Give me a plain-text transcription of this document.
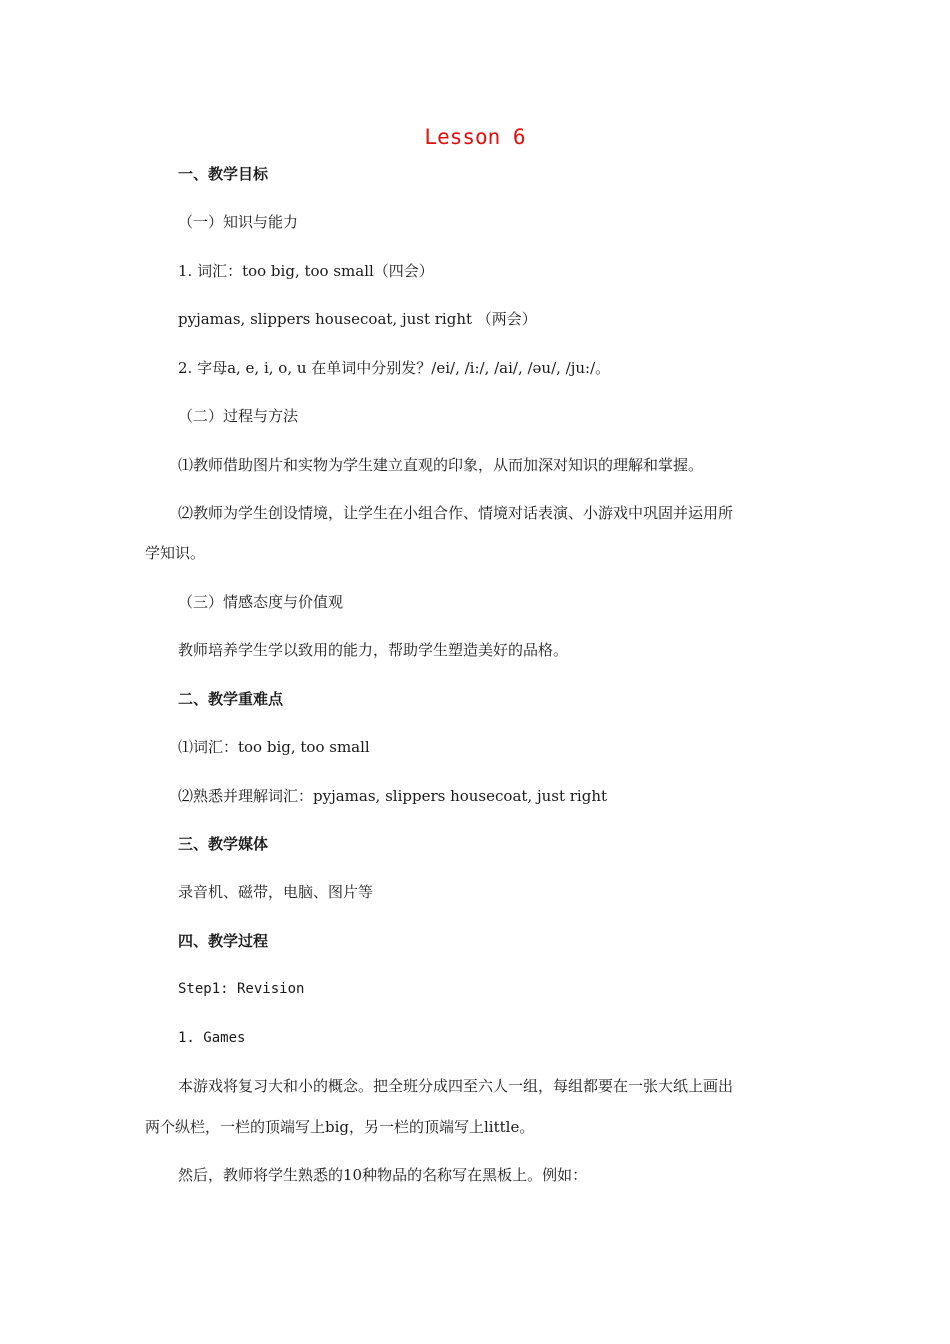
Lesson 6
一、教学目标
（一）知识与能力
1. 词汇：too big, too small（四会）
pyjamas, slippers housecoat, just right （两会）
2. 字母a, e, i, o, u 在单词中分别发？/ei/, /i:/, /ai/, /əu/, /ju:/。
（二）过程与方法
⑴教师借助图片和实物为学生建立直观的印象，从而加深对知识的理解和掌握。
⑵教师为学生创设情境，让学生在小组合作、情境对话表演、小游戏中巩固并运用所
学知识。
（三）情感态度与价值观
教师培养学生学以致用的能力，帮助学生塑造美好的品格。
二、教学重难点
⑴词汇：too big, too small
⑵熟悉并理解词汇：pyjamas, slippers housecoat, just right
三、教学媒体
录音机、磁带，电脑、图片等
四、教学过程
Step1: Revision
1. Games
本游戏将复习大和小的概念。把全班分成四至六人一组，每组都要在一张大纸上画出
两个纵栏，一栏的顶端写上big，另一栏的顶端写上little。
然后，教师将学生熟悉的10种物品的名称写在黑板上。例如：
